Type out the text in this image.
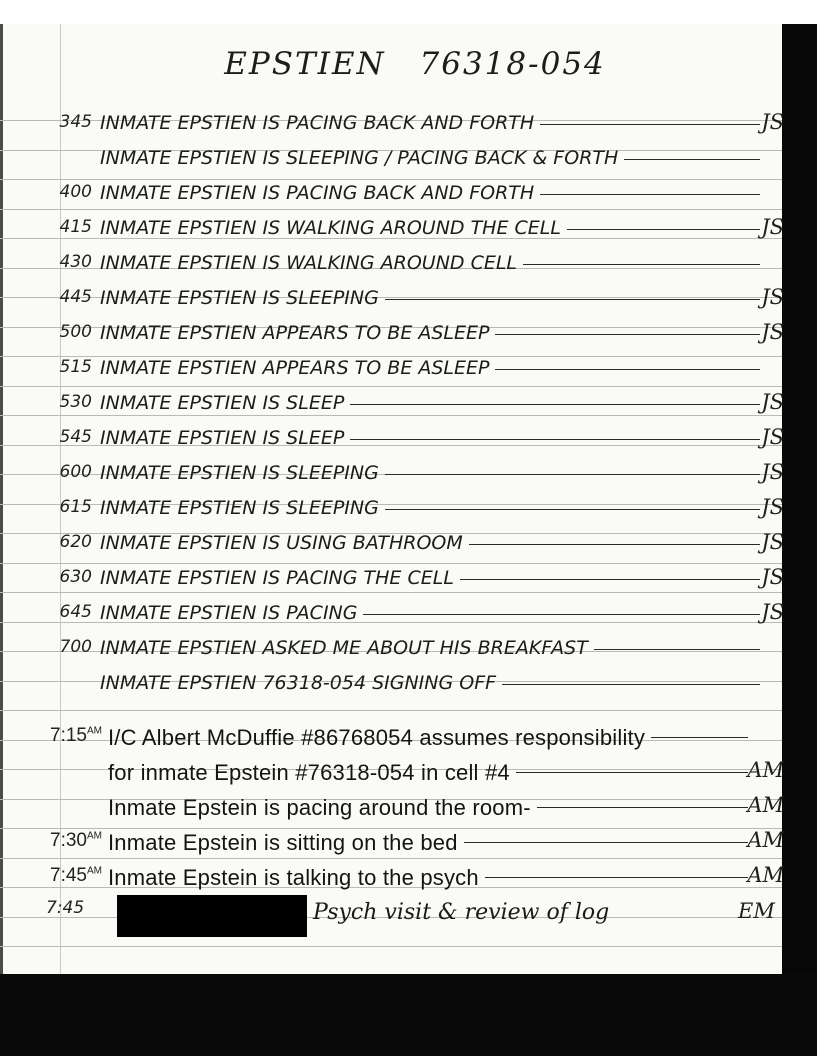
EPSTIEN 76318-054
345 INMATE EPSTIEN IS PACING BACK AND FORTH	JS
INMATE EPSTIEN IS SLEEPING / PACING BACK & FORTH
400 INMATE EPSTIEN IS PACING BACK AND FORTH
415 INMATE EPSTIEN IS WALKING AROUND THE CELL	JS
430 INMATE EPSTIEN IS WALKING AROUND CELL
445 INMATE EPSTIEN IS SLEEPING	JS
500 INMATE EPSTIEN APPEARS TO BE ASLEEP	JS
515 INMATE EPSTIEN APPEARS TO BE ASLEEP
530 INMATE EPSTIEN IS SLEEP	JS
545 INMATE EPSTIEN IS SLEEP	JS
600 INMATE EPSTIEN IS SLEEPING	JS
615 INMATE EPSTIEN IS SLEEPING	JS
620 INMATE EPSTIEN IS USING BATHROOM	JS
630 INMATE EPSTIEN IS PACING THE CELL	JS
645 INMATE EPSTIEN IS PACING	JS
700 INMATE EPSTIEN ASKED ME ABOUT HIS BREAKFAST
INMATE EPSTIEN 76318-054 SIGNING OFF
$7:15^{AM}$ I/C Albert McDuffie #86768054 assumes responsibility
for inmate Epstein #76318-054 in cell #4	AM
Inmate Epstein is pacing around the room-	AM
$7:30^{AM}$ Inmate Epstein is sitting on the bed	AM
$7:45^{AM}$ Inmate Epstein is talking to the psych	AM
7:45	Psych visit & review of log	EM
